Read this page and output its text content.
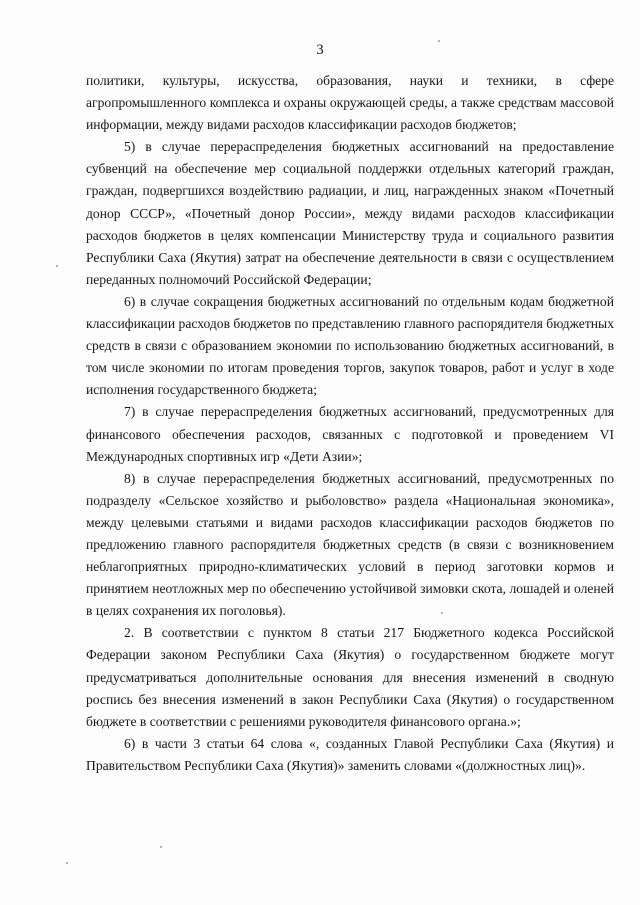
3

политики, культуры, искусства, образования, науки и техники, в сфере агропромышленного комплекса и охраны окружающей среды, а также средствам массовой информации, между видами расходов классификации расходов бюджетов;

5) в случае перераспределения бюджетных ассигнований на предоставление субвенций на обеспечение мер социальной поддержки отдельных категорий граждан, граждан, подвергшихся воздействию радиации, и лиц, награжденных знаком «Почетный донор СССР», «Почетный донор России», между видами расходов классификации расходов бюджетов в целях компенсации Министерству труда и социального развития Республики Саха (Якутия) затрат на обеспечение деятельности в связи с осуществлением переданных полномочий Российской Федерации;

6) в случае сокращения бюджетных ассигнований по отдельным кодам бюджетной классификации расходов бюджетов по представлению главного распорядителя бюджетных средств в связи с образованием экономии по использованию бюджетных ассигнований, в том числе экономии по итогам проведения торгов, закупок товаров, работ и услуг в ходе исполнения государственного бюджета;

7) в случае перераспределения бюджетных ассигнований, предусмотренных для финансового обеспечения расходов, связанных с подготовкой и проведением VI Международных спортивных игр «Дети Азии»;

8) в случае перераспределения бюджетных ассигнований, предусмотренных по подразделу «Сельское хозяйство и рыболовство» раздела «Национальная экономика», между целевыми статьями и видами расходов классификации расходов бюджетов по предложению главного распорядителя бюджетных средств (в связи с возникновением неблагоприятных природно-климатических условий в период заготовки кормов и принятием неотложных мер по обеспечению устойчивой зимовки скота, лошадей и оленей в целях сохранения их поголовья).

2. В соответствии с пунктом 8 статьи 217 Бюджетного кодекса Российской Федерации законом Республики Саха (Якутия) о государственном бюджете могут предусматриваться дополнительные основания для внесения изменений в сводную роспись без внесения изменений в закон Республики Саха (Якутия) о государственном бюджете в соответствии с решениями руководителя финансового органа.»;

6) в части 3 статьи 64 слова «, созданных Главой Республики Саха (Якутия) и Правительством Республики Саха (Якутия)» заменить словами «(должностных лиц)».
